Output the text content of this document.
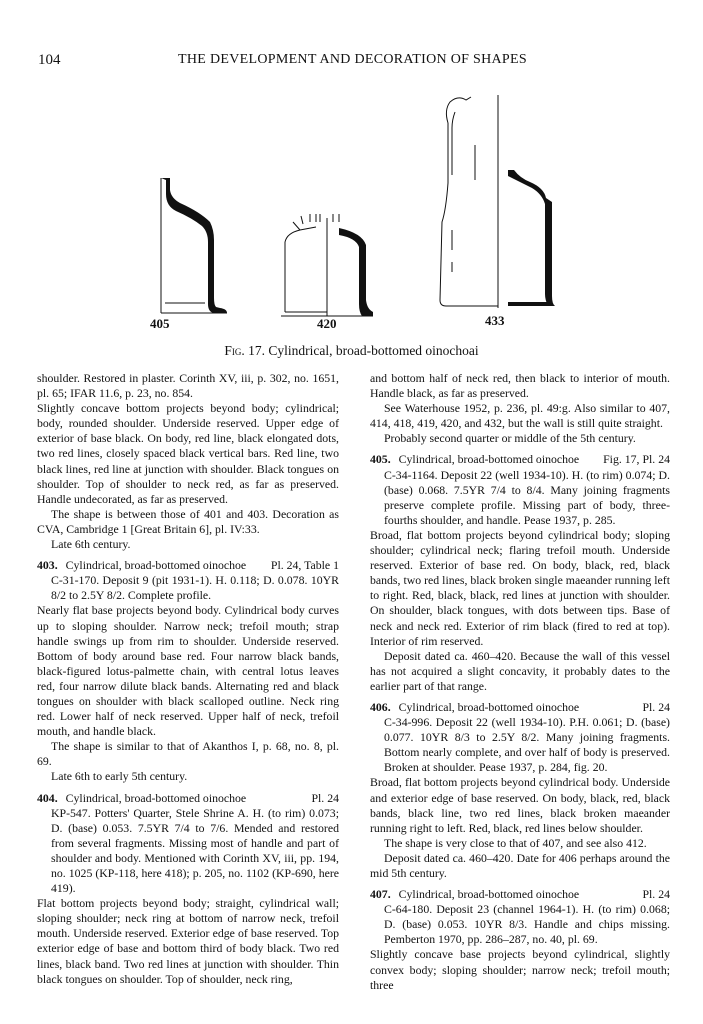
104	THE DEVELOPMENT AND DECORATION OF SHAPES
405	420	433
Fig. 17. Cylindrical, broad-bottomed oinochoai

shoulder. Restored in plaster. Corinth XV, iii, p. 302, no. 1651, pl. 65; IFAR 11.6, p. 23, no. 854.

Slightly concave bottom projects beyond body; cylindrical; body, rounded shoulder. Underside reserved. Upper edge of exterior of base black. On body, red line, black elongated dots, two red lines, closely spaced black vertical bars. Red line, two black lines, red line at junction with shoulder. Black tongues on shoulder. Top of shoulder to neck red, as far as preserved. Handle undecorated, as far as preserved.

The shape is between those of 401 and 403. Decoration as CVA, Cambridge 1 [Great Britain 6], pl. IV:33.

Late 6th century.

403. Cylindrical, broad-bottomed oinochoe Pl. 24, Table 1

C-31-170. Deposit 9 (pit 1931-1). H. 0.118; D. 0.078. 10YR 8/2 to 2.5Y 8/2. Complete profile.

Nearly flat base projects beyond body. Cylindrical body curves up to sloping shoulder. Narrow neck; trefoil mouth; strap handle swings up from rim to shoulder. Underside reserved. Bottom of body around base red. Four narrow black bands, black-figured lotus-palmette chain, with central lotus leaves red, four narrow dilute black bands. Alternating red and black tongues on shoulder with black scalloped outline. Neck ring red. Lower half of neck reserved. Upper half of neck, trefoil mouth, and handle black.

The shape is similar to that of Akanthos I, p. 68, no. 8, pl. 69.

Late 6th to early 5th century.

404. Cylindrical, broad-bottomed oinochoe	Pl. 24

KP-547. Potters' Quarter, Stele Shrine A. H. (to rim) 0.073; D. (base) 0.053. 7.5YR 7/4 to 7/6. Mended and restored from several fragments. Missing most of handle and part of shoulder and body. Mentioned with Corinth XV, iii, pp. 194, no. 1025 (KP-118, here 418); p. 205, no. 1102 (KP-690, here 419).

Flat bottom projects beyond body; straight, cylindrical wall; sloping shoulder; neck ring at bottom of narrow neck, trefoil mouth. Underside reserved. Exterior edge of base reserved. Top exterior edge of base and bottom third of body black. Two red lines, black band. Two red lines at junction with shoulder. Thin black tongues on shoulder. Top of shoulder, neck ring,

and bottom half of neck red, then black to interior of mouth. Handle black, as far as preserved.

See Waterhouse 1952, p. 236, pl. 49:g. Also similar to 407, 414, 418, 419, 420, and 432, but the wall is still quite straight.

Probably second quarter or middle of the 5th century.

405. Cylindrical, broad-bottomed oinochoe Fig. 17, Pl. 24

C-34-1164. Deposit 22 (well 1934-10). H. (to rim) 0.074; D. (base) 0.068. 7.5YR 7/4 to 8/4. Many joining fragments preserve complete profile. Missing part of body, three-fourths shoulder, and handle. Pease 1937, p. 285.

Broad, flat bottom projects beyond cylindrical body; sloping shoulder; cylindrical neck; flaring trefoil mouth. Underside reserved. Exterior of base red. On body, black, red, black bands, two red lines, black broken single maeander running left to right. Red, black, black, red lines at junction with shoulder. On shoulder, black tongues, with dots between tips. Base of neck and neck red. Exterior of rim black (fired to red at top). Interior of rim reserved.

Deposit dated ca. 460–420. Because the wall of this vessel has not acquired a slight concavity, it probably dates to the earlier part of that range.

406. Cylindrical, broad-bottomed oinochoe	Pl. 24

C-34-996. Deposit 22 (well 1934-10). P.H. 0.061; D. (base) 0.077. 10YR 8/3 to 2.5Y 8/2. Many joining fragments. Bottom nearly complete, and over half of body is preserved. Broken at shoulder. Pease 1937, p. 284, fig. 20.

Broad, flat bottom projects beyond cylindrical body. Underside and exterior edge of base reserved. On body, black, red, black bands, black line, two red lines, black broken maeander running right to left. Red, black, red lines below shoulder.

The shape is very close to that of 407, and see also 412.

Deposit dated ca. 460–420. Date for 406 perhaps around the mid 5th century.

407. Cylindrical, broad-bottomed oinochoe	Pl. 24

C-64-180. Deposit 23 (channel 1964-1). H. (to rim) 0.068; D. (base) 0.053. 10YR 8/3. Handle and chips missing. Pemberton 1970, pp. 286–287, no. 40, pl. 69.

Slightly concave base projects beyond cylindrical, slightly convex body; sloping shoulder; narrow neck; trefoil mouth; three
